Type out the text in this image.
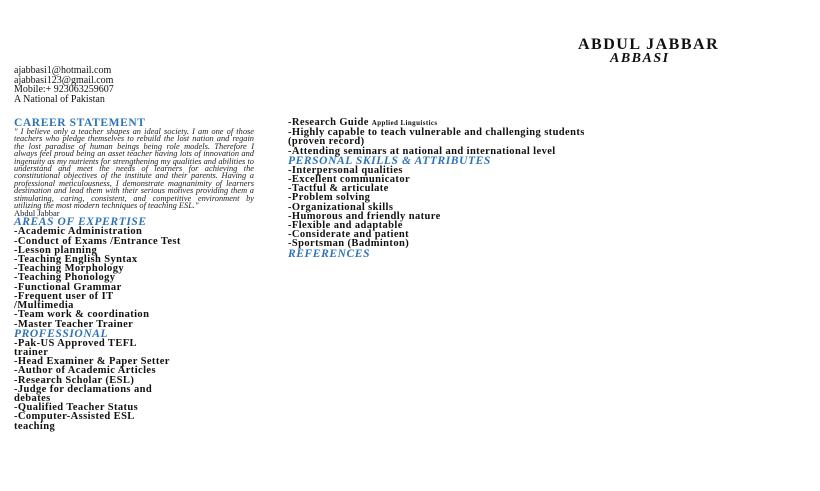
ABDUL JABBAR
ABBASI
ajabbasi1@hotmail.com
ajabbasi123@gmail.com
Mobile:+ 923063259607
A National of Pakistan
CAREER STATEMENT
" I believe only a teacher shapes an ideal society. I am one of those teachers who pledge themselves to rebuild the lost nation and regain the lost paradise of human beings being role models. Therefore I always feel proud being an asset teacher having lots of innovation and ingenuity as my nutrients for strengthening my qualities and abilities to understand and meet the needs of learners for achieving the constitutional objectives of the institute and their parents. Having a professional meticulousness, I demonstrate magnanimity of learners destination and lead them with their serious motives providing them a stimulating, caring, consistent, and competitive environment by utilizing the most modern techniques of teaching ESL."
Abdul Jabbar
AREAS OF EXPERTISE
-Academic Administration
-Conduct of Exams /Entrance Test
-Lesson planning
-Teaching English Syntax
-Teaching Morphology
-Teaching Phonology
-Functional Grammar
-Frequent user of IT
/Multimedia
-Team work & coordination
-Master Teacher Trainer
PROFESSIONAL
-Pak-US Approved TEFL
trainer
-Head Examiner & Paper Setter
-Author of Academic Articles
-Research Scholar (ESL)
-Judge for declamations and
debates
-Qualified Teacher Status
-Computer-Assisted ESL
teaching
-Research Guide Applied Linguistics
-Highly capable to teach vulnerable and challenging students
(proven record)
-Attending seminars at national and international level
PERSONAL SKILLS & ATTRIBUTES
-Interpersonal qualities
-Excellent communicator
-Tactful & articulate
-Problem solving
-Organizational skills
-Humorous and friendly nature
-Flexible and adaptable
-Considerate and patient
-Sportsman (Badminton)
REFERENCES
